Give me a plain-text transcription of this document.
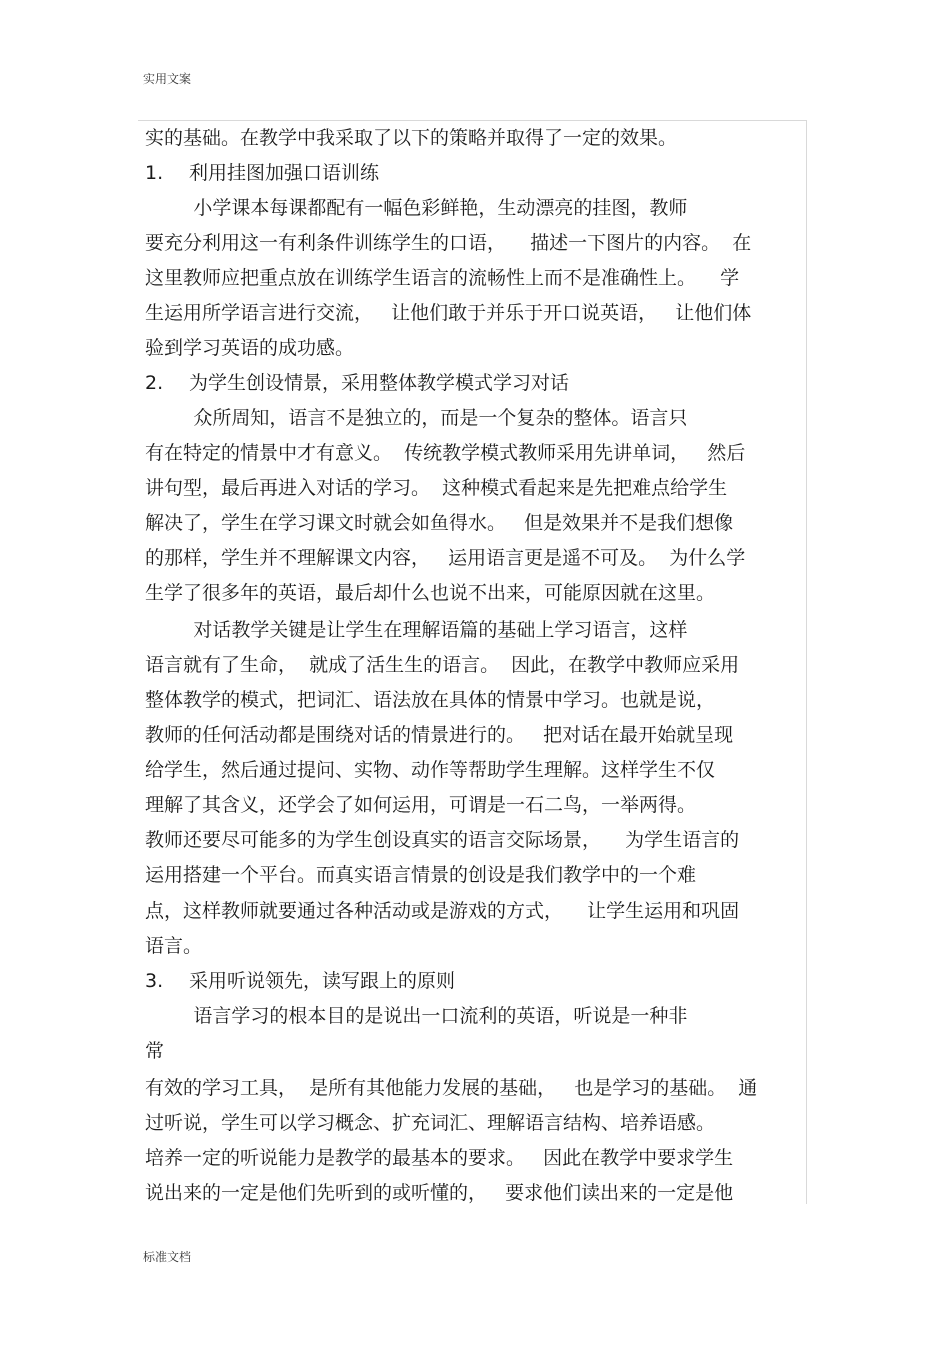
实用文案
实的基础。在教学中我采取了以下的策略并取得了一定的效果。
1. 利用挂图加强口语训练
小学课本每课都配有一幅色彩鲜艳，生动漂亮的挂图，教师
要充分利用这一有利条件训练学生的口语，    描述一下图片的内容。  在
这里教师应把重点放在训练学生语言的流畅性上而不是准确性上。    学
生运用所学语言进行交流，   让他们敢于并乐于开口说英语，   让他们体
验到学习英语的成功感。
2. 为学生创设情景，采用整体教学模式学习对话
众所周知，语言不是独立的，而是一个复杂的整体。语言只
有在特定的情景中才有意义。  传统教学模式教师采用先讲单词，   然后
讲句型，最后再进入对话的学习。  这种模式看起来是先把难点给学生
解决了，学生在学习课文时就会如鱼得水。   但是效果并不是我们想像
的那样，学生并不理解课文内容，   运用语言更是遥不可及。  为什么学
生学了很多年的英语，最后却什么也说不出来，可能原因就在这里。
对话教学关键是让学生在理解语篇的基础上学习语言，这样
语言就有了生命，  就成了活生生的语言。  因此，在教学中教师应采用
整体教学的模式，把词汇、语法放在具体的情景中学习。也就是说，
教师的任何活动都是围绕对话的情景进行的。   把对话在最开始就呈现
给学生，然后通过提问、实物、动作等帮助学生理解。这样学生不仅
理解了其含义，还学会了如何运用，可谓是一石二鸟，一举两得。
教师还要尽可能多的为学生创设真实的语言交际场景，    为学生语言的
运用搭建一个平台。而真实语言情景的创设是我们教学中的一个难
点，这样教师就要通过各种活动或是游戏的方式，    让学生运用和巩固
语言。
3. 采用听说领先，读写跟上的原则
语言学习的根本目的是说出一口流利的英语，听说是一种非
常
有效的学习工具，  是所有其他能力发展的基础，   也是学习的基础。  通
过听说，学生可以学习概念、扩充词汇、理解语言结构、培养语感。
培养一定的听说能力是教学的最基本的要求。   因此在教学中要求学生
说出来的一定是他们先听到的或听懂的，   要求他们读出来的一定是他
标准文档
